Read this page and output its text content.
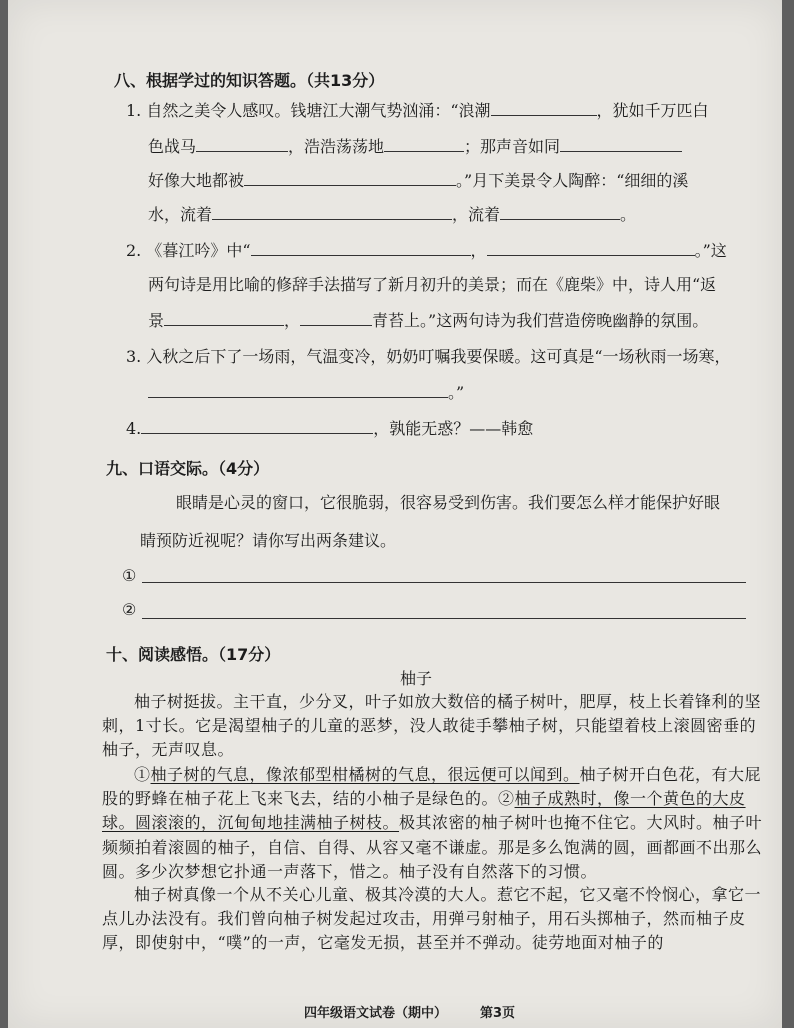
八、根据学过的知识答题。（共13分）
1. 自然之美令人感叹。钱塘江大潮气势汹涌：“浪潮	，犹如千万匹白
色战马	，浩浩荡荡地	；那声音如同
好像大地都被	。”月下美景令人陶醉：“细细的溪
水，流着	，流着	。
2. 《暮江吟》中“	，	。”这
两句诗是用比喻的修辞手法描写了新月初升的美景；而在《鹿柴》中，诗人用“返
景	，	青苔上。”这两句诗为我们营造傍晚幽静的氛围。
3. 入秋之后下了一场雨，气温变冷，奶奶叮嘱我要保暖。这可真是“一场秋雨一场寒，
。”
4.	，孰能无惑？——韩愈
九、口语交际。（4分）
眼睛是心灵的窗口，它很脆弱，很容易受到伤害。我们要怎么样才能保护好眼
睛预防近视呢？请你写出两条建议。
①
②
十、阅读感悟。（17分）
柚子
柚子树挺拔。主干直，少分叉，叶子如放大数倍的橘子树叶，肥厚，枝上长着锋利的坚刺，1寸长。它是渴望柚子的儿童的恶梦，没人敢徒手攀柚子树，只能望着枝上滚圆密垂的柚子，无声叹息。
①柚子树的气息，像浓郁型柑橘树的气息，很远便可以闻到。柚子树开白色花，有大屁股的野蜂在柚子花上飞来飞去，结的小柚子是绿色的。②柚子成熟时，像一个黄色的大皮球。圆滚滚的，沉甸甸地挂满柚子树枝。极其浓密的柚子树叶也掩不住它。大风时。柚子叶频频拍着滚圆的柚子，自信、自得、从容又毫不谦虚。那是多么饱满的圆，画都画不出那么圆。多少次梦想它扑通一声落下，惜之。柚子没有自然落下的习惯。
柚子树真像一个从不关心儿童、极其冷漠的大人。惹它不起，它又毫不怜悯心，拿它一点儿办法没有。我们曾向柚子树发起过攻击，用弹弓射柚子，用石头掷柚子，然而柚子皮厚，即使射中，“噗”的一声，它毫发无损，甚至并不弹动。徒劳地面对柚子的
四年级语文试卷（期中）	第3页
